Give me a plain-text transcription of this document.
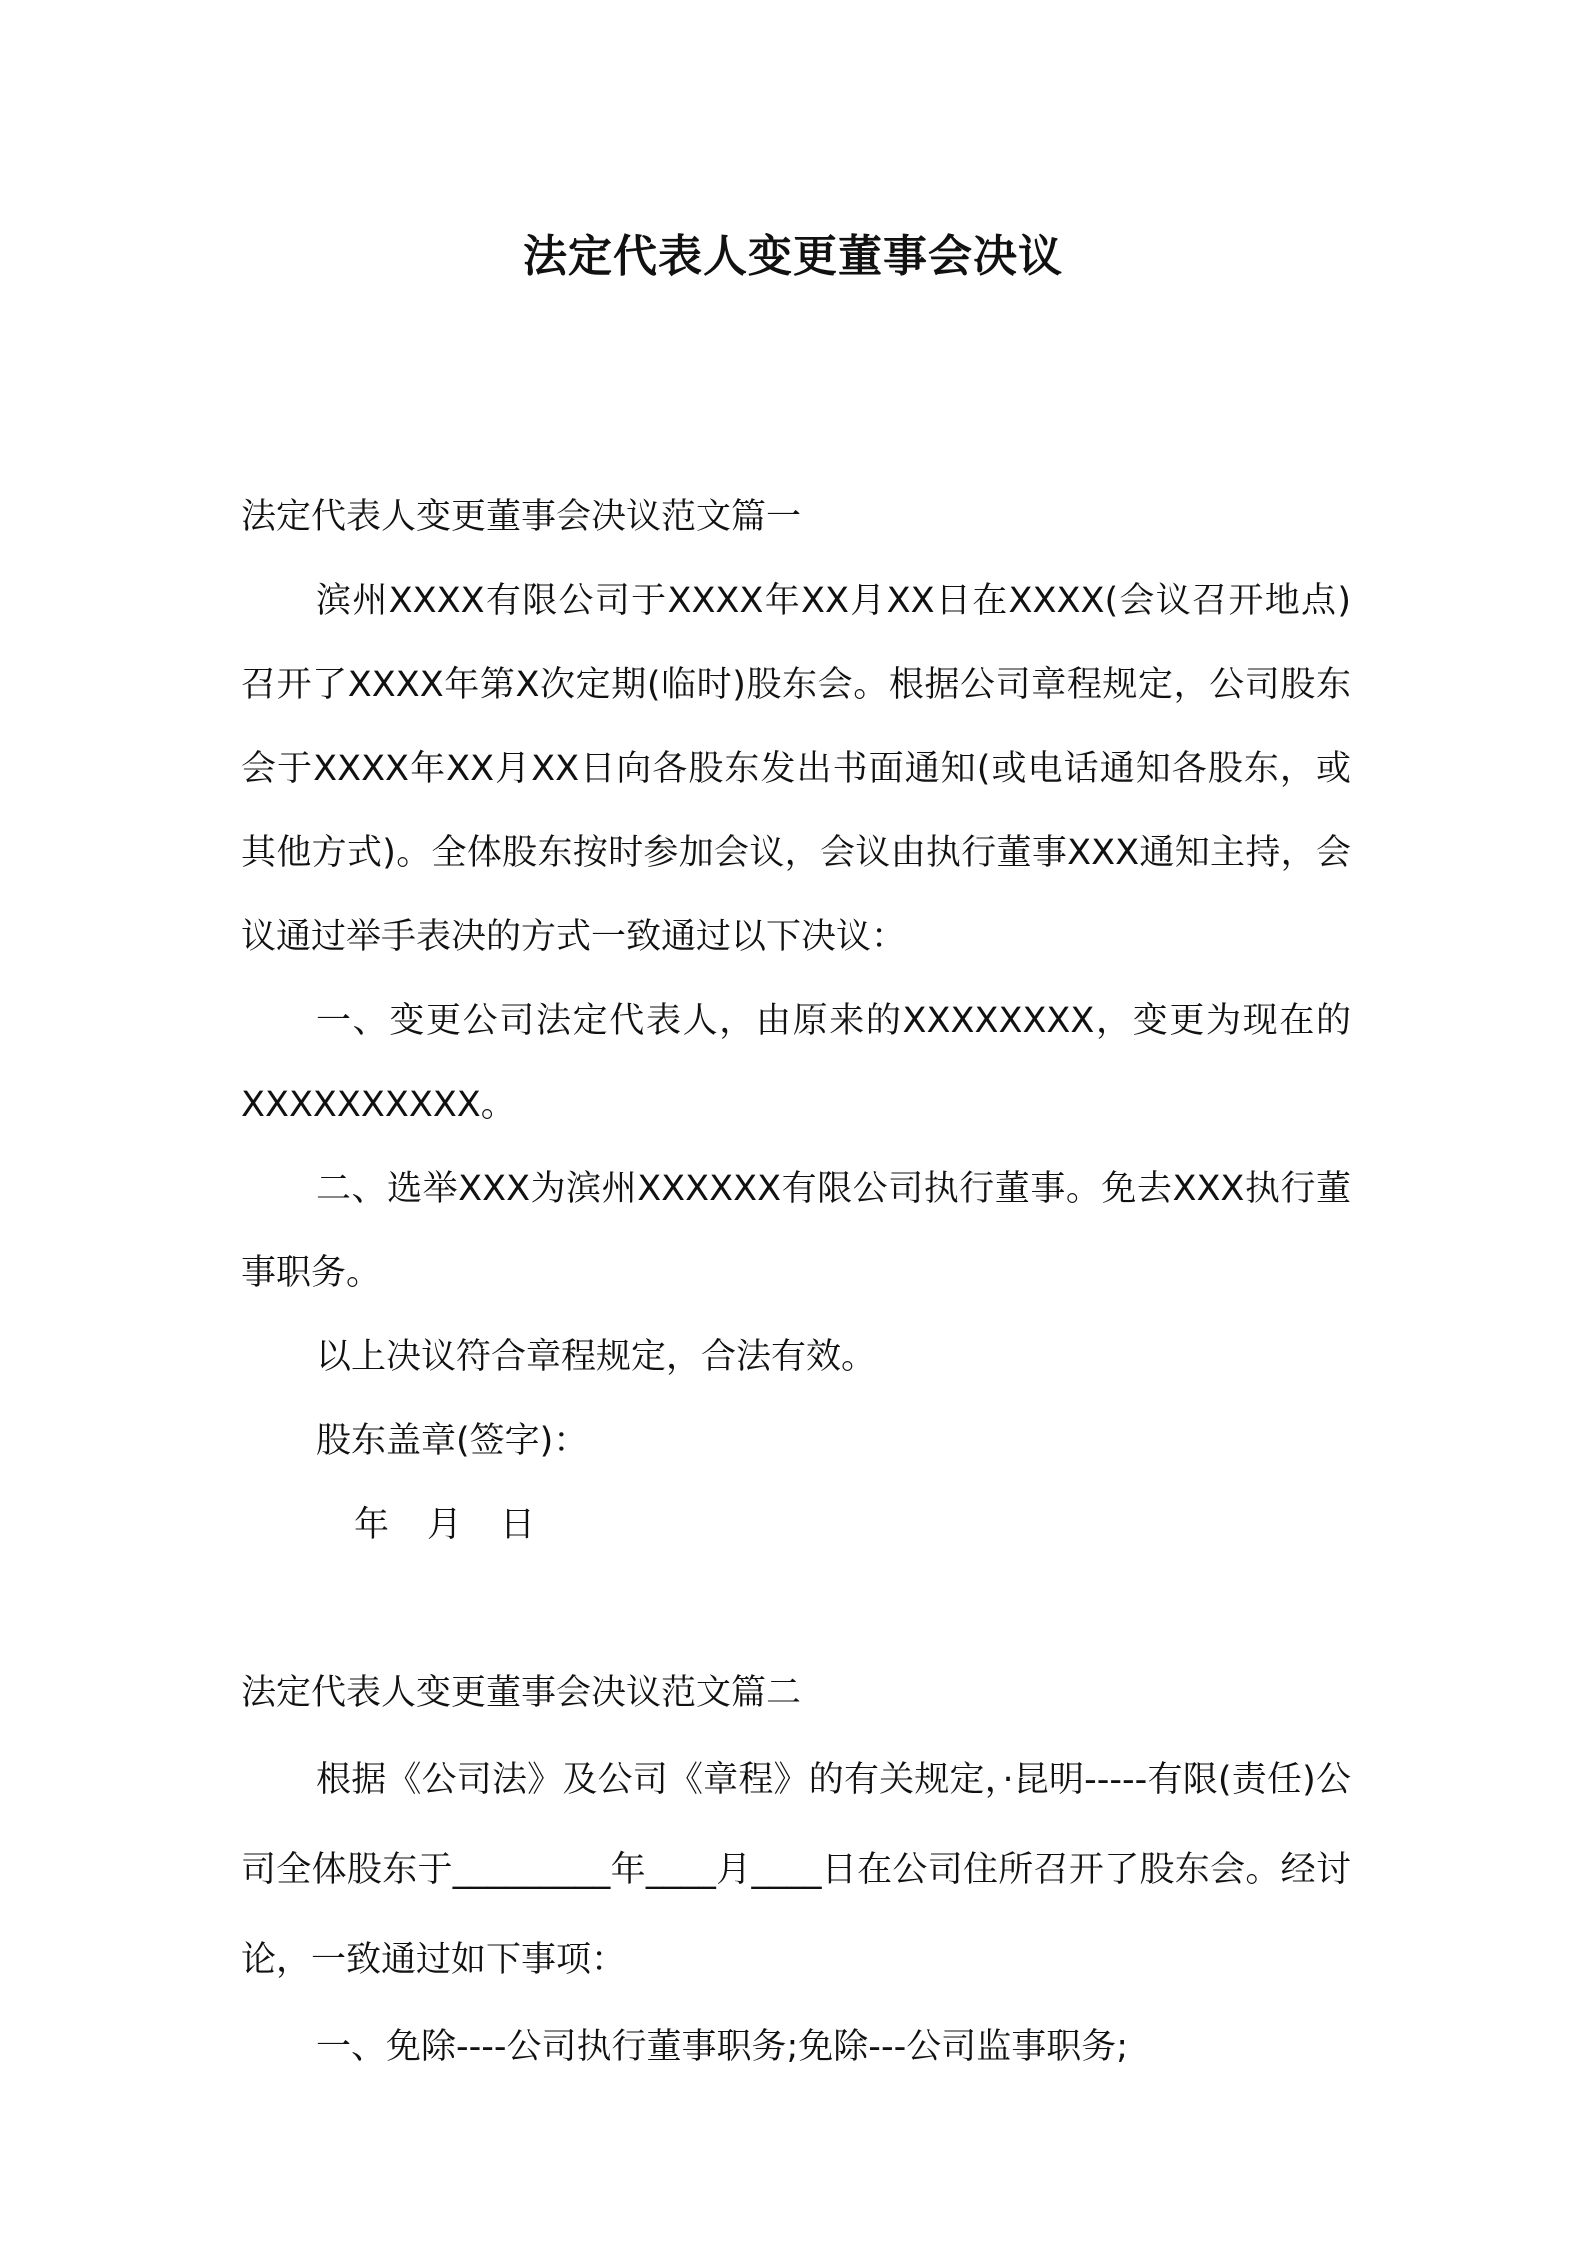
法定代表人变更董事会决议

法定代表人变更董事会决议范文篇一

滨州XXXX有限公司于XXXX年XX月XX日在XXXX(会议召开地点)召开了XXXX年第X次定期(临时)股东会。根据公司章程规定，公司股东会于XXXX年XX月XX日向各股东发出书面通知(或电话通知各股东，或其他方式)。全体股东按时参加会议，会议由执行董事XXX通知主持，会议通过举手表决的方式一致通过以下决议：

一、变更公司法定代表人，由原来的XXXXXXXX，变更为现在的XXXXXXXXXX。

二、选举XXX为滨州XXXXXX有限公司执行董事。免去XXX执行董事职务。

以上决议符合章程规定，合法有效。

股东盖章(签字)：

年 月 日

法定代表人变更董事会决议范文篇二

根据《公司法》及公司《章程》的有关规定，·昆明-----有限(责任)公司全体股东于_________年____月____日在公司住所召开了股东会。经讨论，一致通过如下事项：

一、免除----公司执行董事职务;免除---公司监事职务;
